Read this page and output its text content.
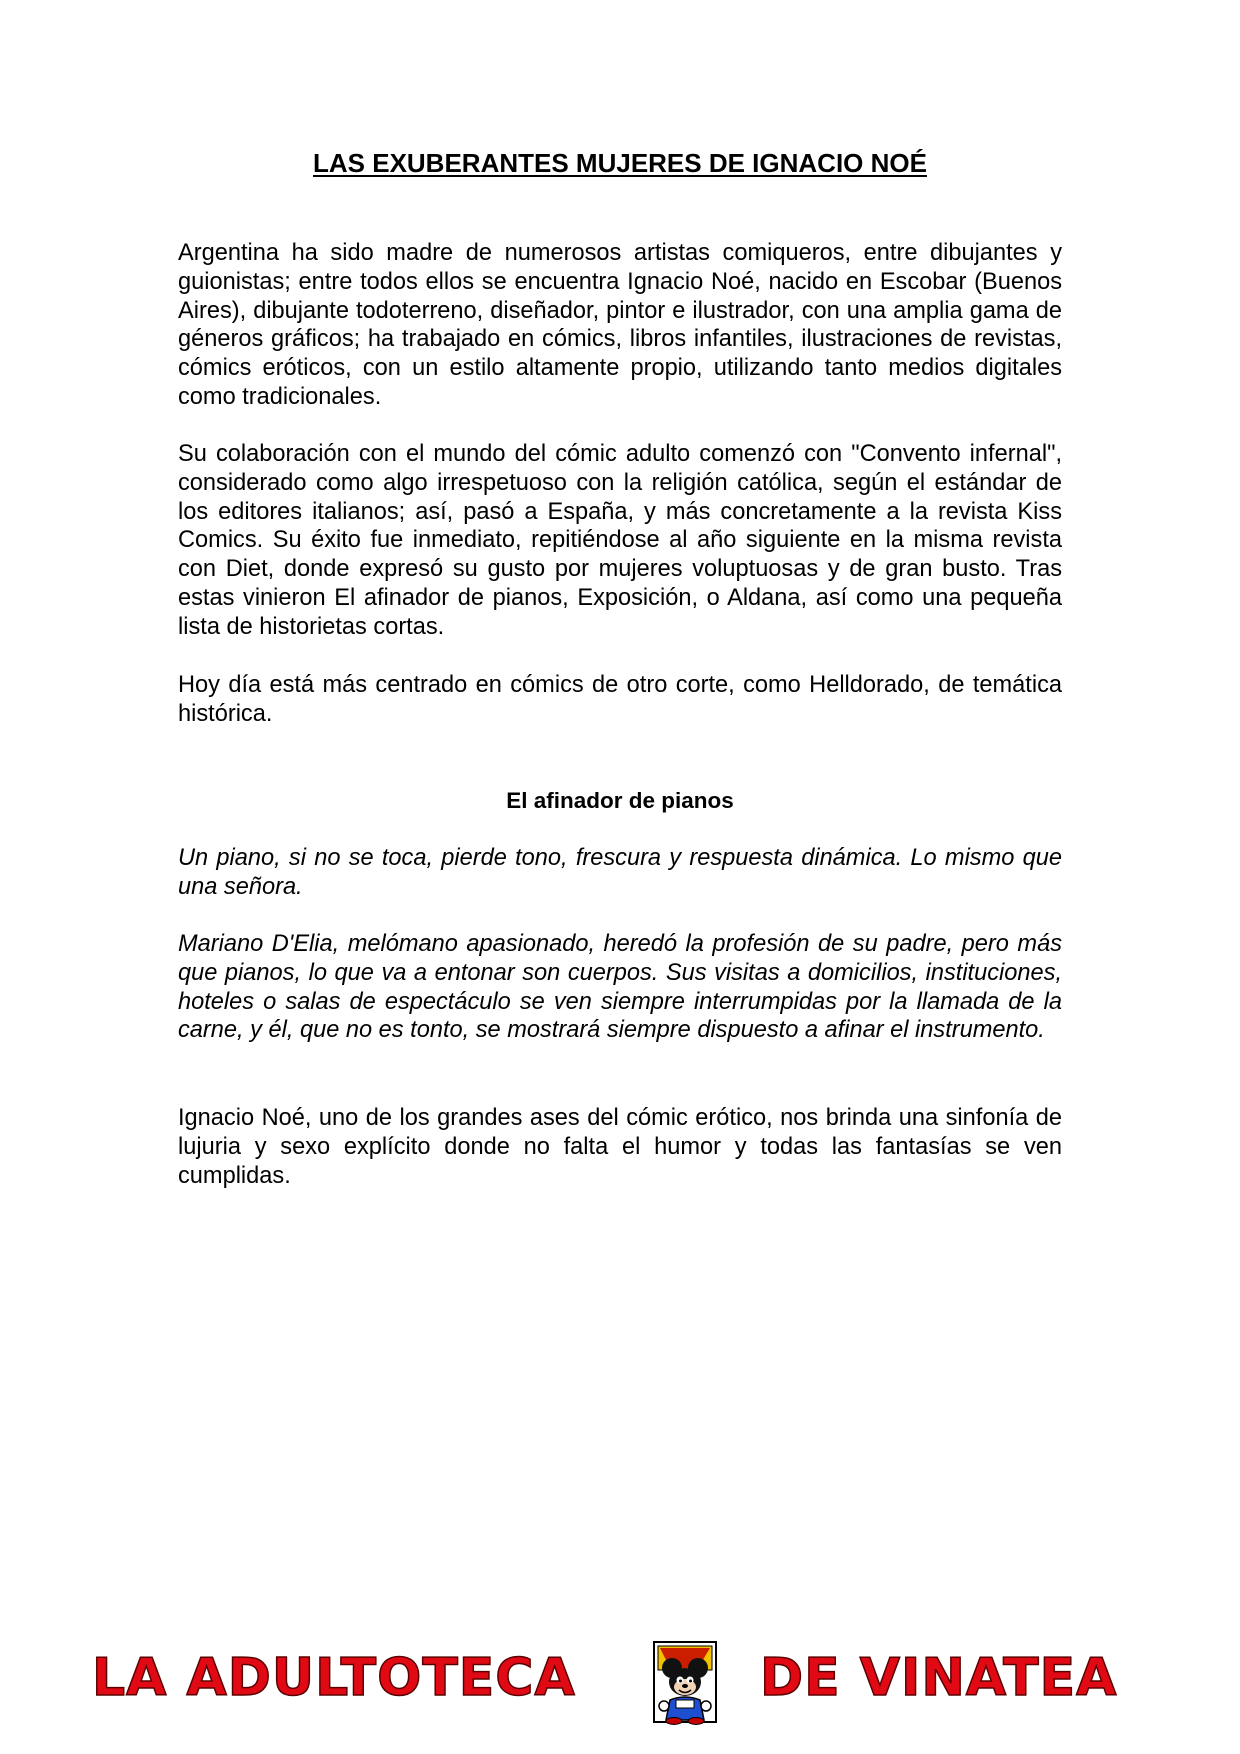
LAS EXUBERANTES MUJERES DE IGNACIO NOÉ

Argentina ha sido madre de numerosos artistas comiqueros, entre dibujantes y guionistas; entre todos ellos se encuentra Ignacio Noé, nacido en Escobar (Buenos Aires), dibujante todoterreno, diseñador, pintor e ilustrador, con una amplia gama de géneros gráficos; ha trabajado en cómics, libros infantiles, ilustraciones de revistas, cómics eróticos, con un estilo altamente propio, utilizando tanto medios digitales como tradicionales.

Su colaboración con el mundo del cómic adulto comenzó con "Convento infernal", considerado como algo irrespetuoso con la religión católica, según el estándar de los editores italianos; así, pasó a España, y más concretamente a la revista Kiss Comics. Su éxito fue inmediato, repitiéndose al año siguiente en la misma revista con Diet, donde expresó su gusto por mujeres voluptuosas y de gran busto. Tras estas vinieron El afinador de pianos, Exposición, o Aldana, así como una pequeña lista de historietas cortas.

Hoy día está más centrado en cómics de otro corte, como Helldorado, de temática histórica.

El afinador de pianos

Un piano, si no se toca, pierde tono, frescura y respuesta dinámica. Lo mismo que una señora.

Mariano D'Elia, melómano apasionado, heredó la profesión de su padre, pero más que pianos, lo que va a entonar son cuerpos. Sus visitas a domicilios, instituciones, hoteles o salas de espectáculo se ven siempre interrumpidas por la llamada de la carne, y él, que no es tonto, se mostrará siempre dispuesto a afinar el instrumento.

Ignacio Noé, uno de los grandes ases del cómic erótico, nos brinda una sinfonía de lujuria y sexo explícito donde no falta el humor y todas las fantasías se ven cumplidas.

LA ADULTOTECA	DE VINATEA
